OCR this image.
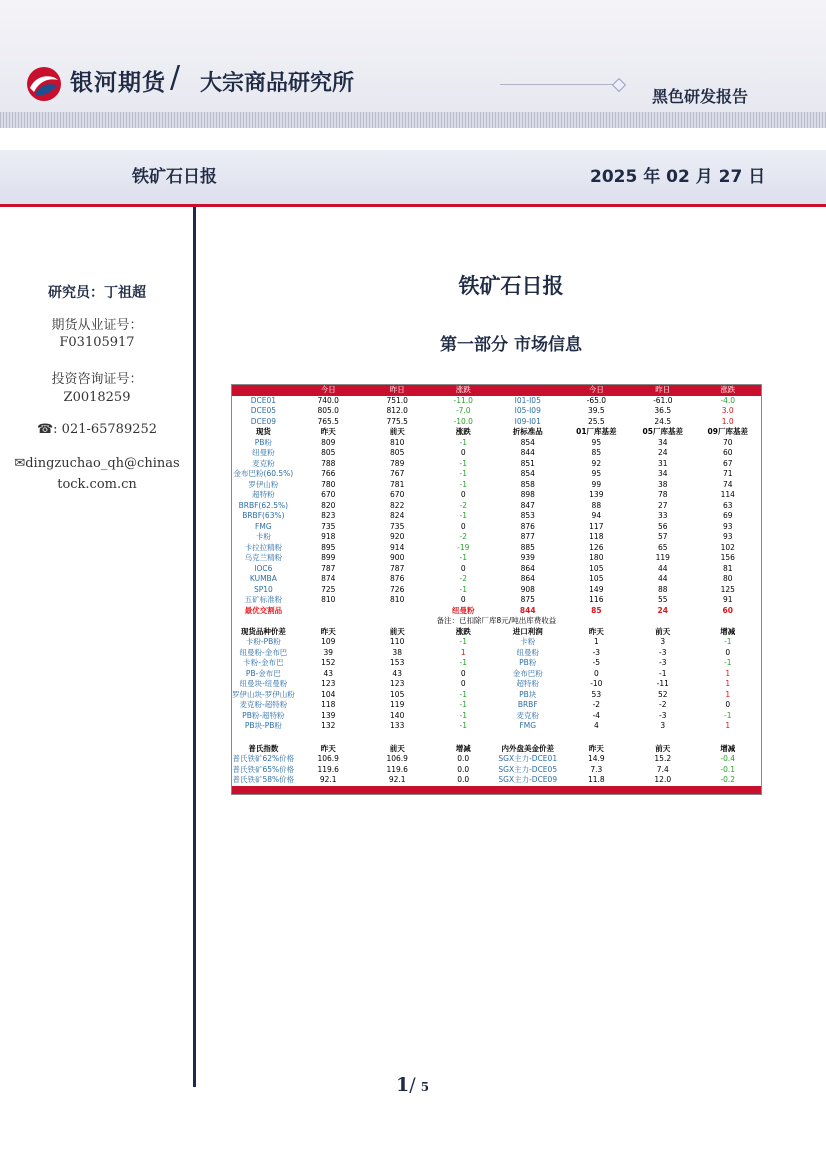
银河期货 / 大宗商品研究所
黑色研发报告
铁矿石日报	2025 年 02 月 27 日
研究员：丁祖超
期货从业证号：
F03105917
投资咨询证号：
Z0018259
☎: 021-65789252
✉dingzuchao_qh@chinas
tock.com.cn
铁矿石日报
第一部分 市场信息
	今日	昨日	涨跌		今日	昨日	涨跌
DCE01	740.0	751.0	-11.0	I01-I05	-65.0	-61.0	-4.0
DCE05	805.0	812.0	-7.0	I05-I09	39.5	36.5	3.0
DCE09	765.5	775.5	-10.0	I09-I01	25.5	24.5	1.0
现货	昨天	前天	涨跌	折标准品	01厂库基差	05厂库基差	09厂库基差
PB粉	809	810	-1	854	95	34	70
纽曼粉	805	805	0	844	85	24	60
麦克粉	788	789	-1	851	92	31	67
金布巴粉(60.5%)	766	767	-1	854	95	34	71
罗伊山粉	780	781	-1	858	99	38	74
超特粉	670	670	0	898	139	78	114
BRBF(62.5%)	820	822	-2	847	88	27	63
BRBF(63%)	823	824	-1	853	94	33	69
FMG	735	735	0	876	117	56	93
卡粉	918	920	-2	877	118	57	93
卡拉拉精粉	895	914	-19	885	126	65	102
乌克兰精粉	899	900	-1	939	180	119	156
IOC6	787	787	0	864	105	44	81
KUMBA	874	876	-2	864	105	44	80
SP10	725	726	-1	908	149	88	125
五矿标准粉	810	810	0	875	116	55	91
最优交割品			纽曼粉	844	85	24	60
		备注：已扣除厂库8元/吨出库费收益					
现货品种价差	昨天	前天	涨跌	进口利润	昨天	前天	增减
卡粉-PB粉	109	110	-1	卡粉	1	3	-1
纽曼粉-金布巴	39	38	1	纽曼粉	-3	-3	0
卡粉-金布巴	152	153	-1	PB粉	-5	-3	-1
PB-金布巴	43	43	0	金布巴粉	0	-1	1
纽曼块-纽曼粉	123	123	0	超特粉	-10	-11	1
罗伊山块-罗伊山粉	104	105	-1	PB块	53	52	1
麦克粉-超特粉	118	119	-1	BRBF	-2	-2	0
PB粉-超特粉	139	140	-1	麦克粉	-4	-3	-1
PB块-PB粉	132	133	-1	FMG	4	3	1

普氏指数	昨天	前天	增减	内外盘美金价差	昨天	前天	增减
普氏铁矿62%价格	106.9	106.9	0.0	SGX主力-DCE01	14.9	15.2	-0.4
普氏铁矿65%价格	119.6	119.6	0.0	SGX主力-DCE05	7.3	7.4	-0.1
普氏铁矿58%价格	92.1	92.1	0.0	SGX主力-DCE09	11.8	12.0	-0.2

1/ 5
